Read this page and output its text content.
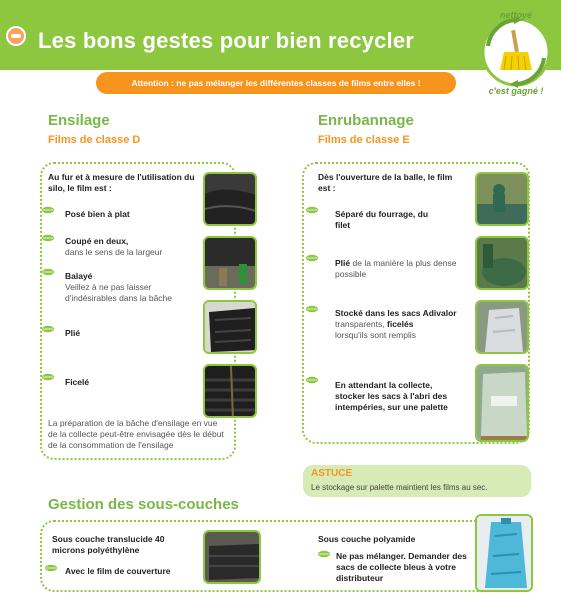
Les bons gestes pour bien recycler
nettoyé
c'est gagné !
Attention : ne pas mélanger les différentes classes de films entre elles !
Ensilage
Films de classe D
Au fur et à mesure de l'utilisation du silo, le film est :
Posé bien à plat
Coupé en deux,
dans le sens de la largeur
Balayé
Veillez à ne pas laisser d'indésirables dans la bâche
Plié
Ficelé
La préparation de la bâche d'ensilage en vue de la collecte peut-être envisagée dès le début de la consommation de l'ensilage
Enrubannage
Films de classe E
Dès l'ouverture de la balle, le film est :
Séparé du fourrage, du filet
Plié de la manière la plus dense possible
Stocké dans les sacs Adivalor
transparents, ficelés
lorsqu'ils sont remplis
En attendant la collecte, stocker les sacs à l'abri des intempéries, sur une palette
ASTUCE
Le stockage sur palette maintient les films au sec.
Gestion des sous-couches
Sous couche translucide 40 microns polyéthylène
Avec le film de couverture
Sous couche polyamide
Ne pas mélanger. Demander des sacs de collecte bleus à votre distributeur
